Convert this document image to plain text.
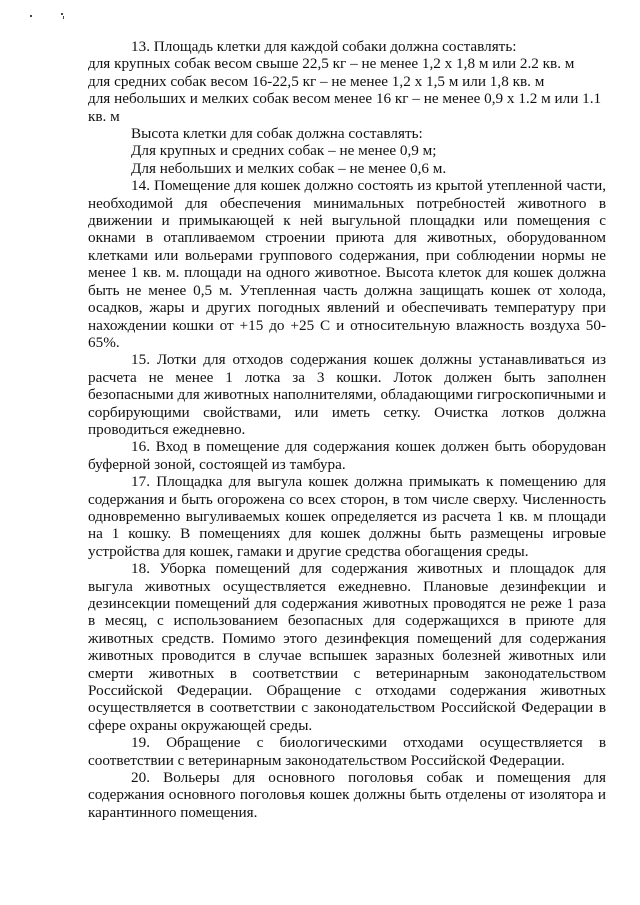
13. Площадь клетки для каждой собаки должна составлять:

для крупных собак весом свыше 22,5 кг – не менее 1,2 х 1,8 м или 2.2 кв. м

для средних собак весом 16-22,5 кг – не менее 1,2 х 1,5 м или 1,8 кв. м

для небольших и мелких собак весом менее 16 кг – не менее 0,9 х 1.2 м или 1.1 кв. м

Высота клетки для собак должна составлять:

Для крупных и средних собак – не менее 0,9 м;

Для небольших и мелких собак – не менее 0,6 м.

14. Помещение для кошек должно состоять из крытой утепленной части, необходимой для обеспечения минимальных потребностей животного в движении и примыкающей к ней выгульной площадки или помещения с окнами в отапливаемом строении приюта для животных, оборудованном клетками или вольерами группового содержания, при соблюдении нормы не менее 1 кв. м. площади на одного животное. Высота клеток для кошек должна быть не менее 0,5 м. Утепленная часть должна защищать кошек от холода, осадков, жары и других погодных явлений и обеспечивать температуру при нахождении кошки от +15 до +25 С и относительную влажность воздуха 50-65%.

15. Лотки для отходов содержания кошек должны устанавливаться из расчета не менее 1 лотка за 3 кошки. Лоток должен быть заполнен безопасными для животных наполнителями, обладающими гигроскопичными и сорбирующими свойствами, или иметь сетку. Очистка лотков должна проводиться ежедневно.

16. Вход в помещение для содержания кошек должен быть оборудован буферной зоной, состоящей из тамбура.

17. Площадка для выгула кошек должна примыкать к помещению для содержания и быть огорожена со всех сторон, в том числе сверху. Численность одновременно выгуливаемых кошек определяется из расчета 1 кв. м площади на 1 кошку. В помещениях для кошек должны быть размещены игровые устройства для кошек, гамаки и другие средства обогащения среды.

18. Уборка помещений для содержания животных и площадок для выгула животных осуществляется ежедневно. Плановые дезинфекции и дезинсекции помещений для содержания животных проводятся не реже 1 раза в месяц, с использованием безопасных для содержащихся в приюте для животных средств. Помимо этого дезинфекция помещений для содержания животных проводится в случае вспышек заразных болезней животных или смерти животных в соответствии с ветеринарным законодательством Российской Федерации. Обращение с отходами содержания животных осуществляется в соответствии с законодательством Российской Федерации в сфере охраны окружающей среды.

19. Обращение с биологическими отходами осуществляется в соответствии с ветеринарным законодательством Российской Федерации.

20. Вольеры для основного поголовья собак и помещения для содержания основного поголовья кошек должны быть отделены от изолятора и карантинного помещения.
